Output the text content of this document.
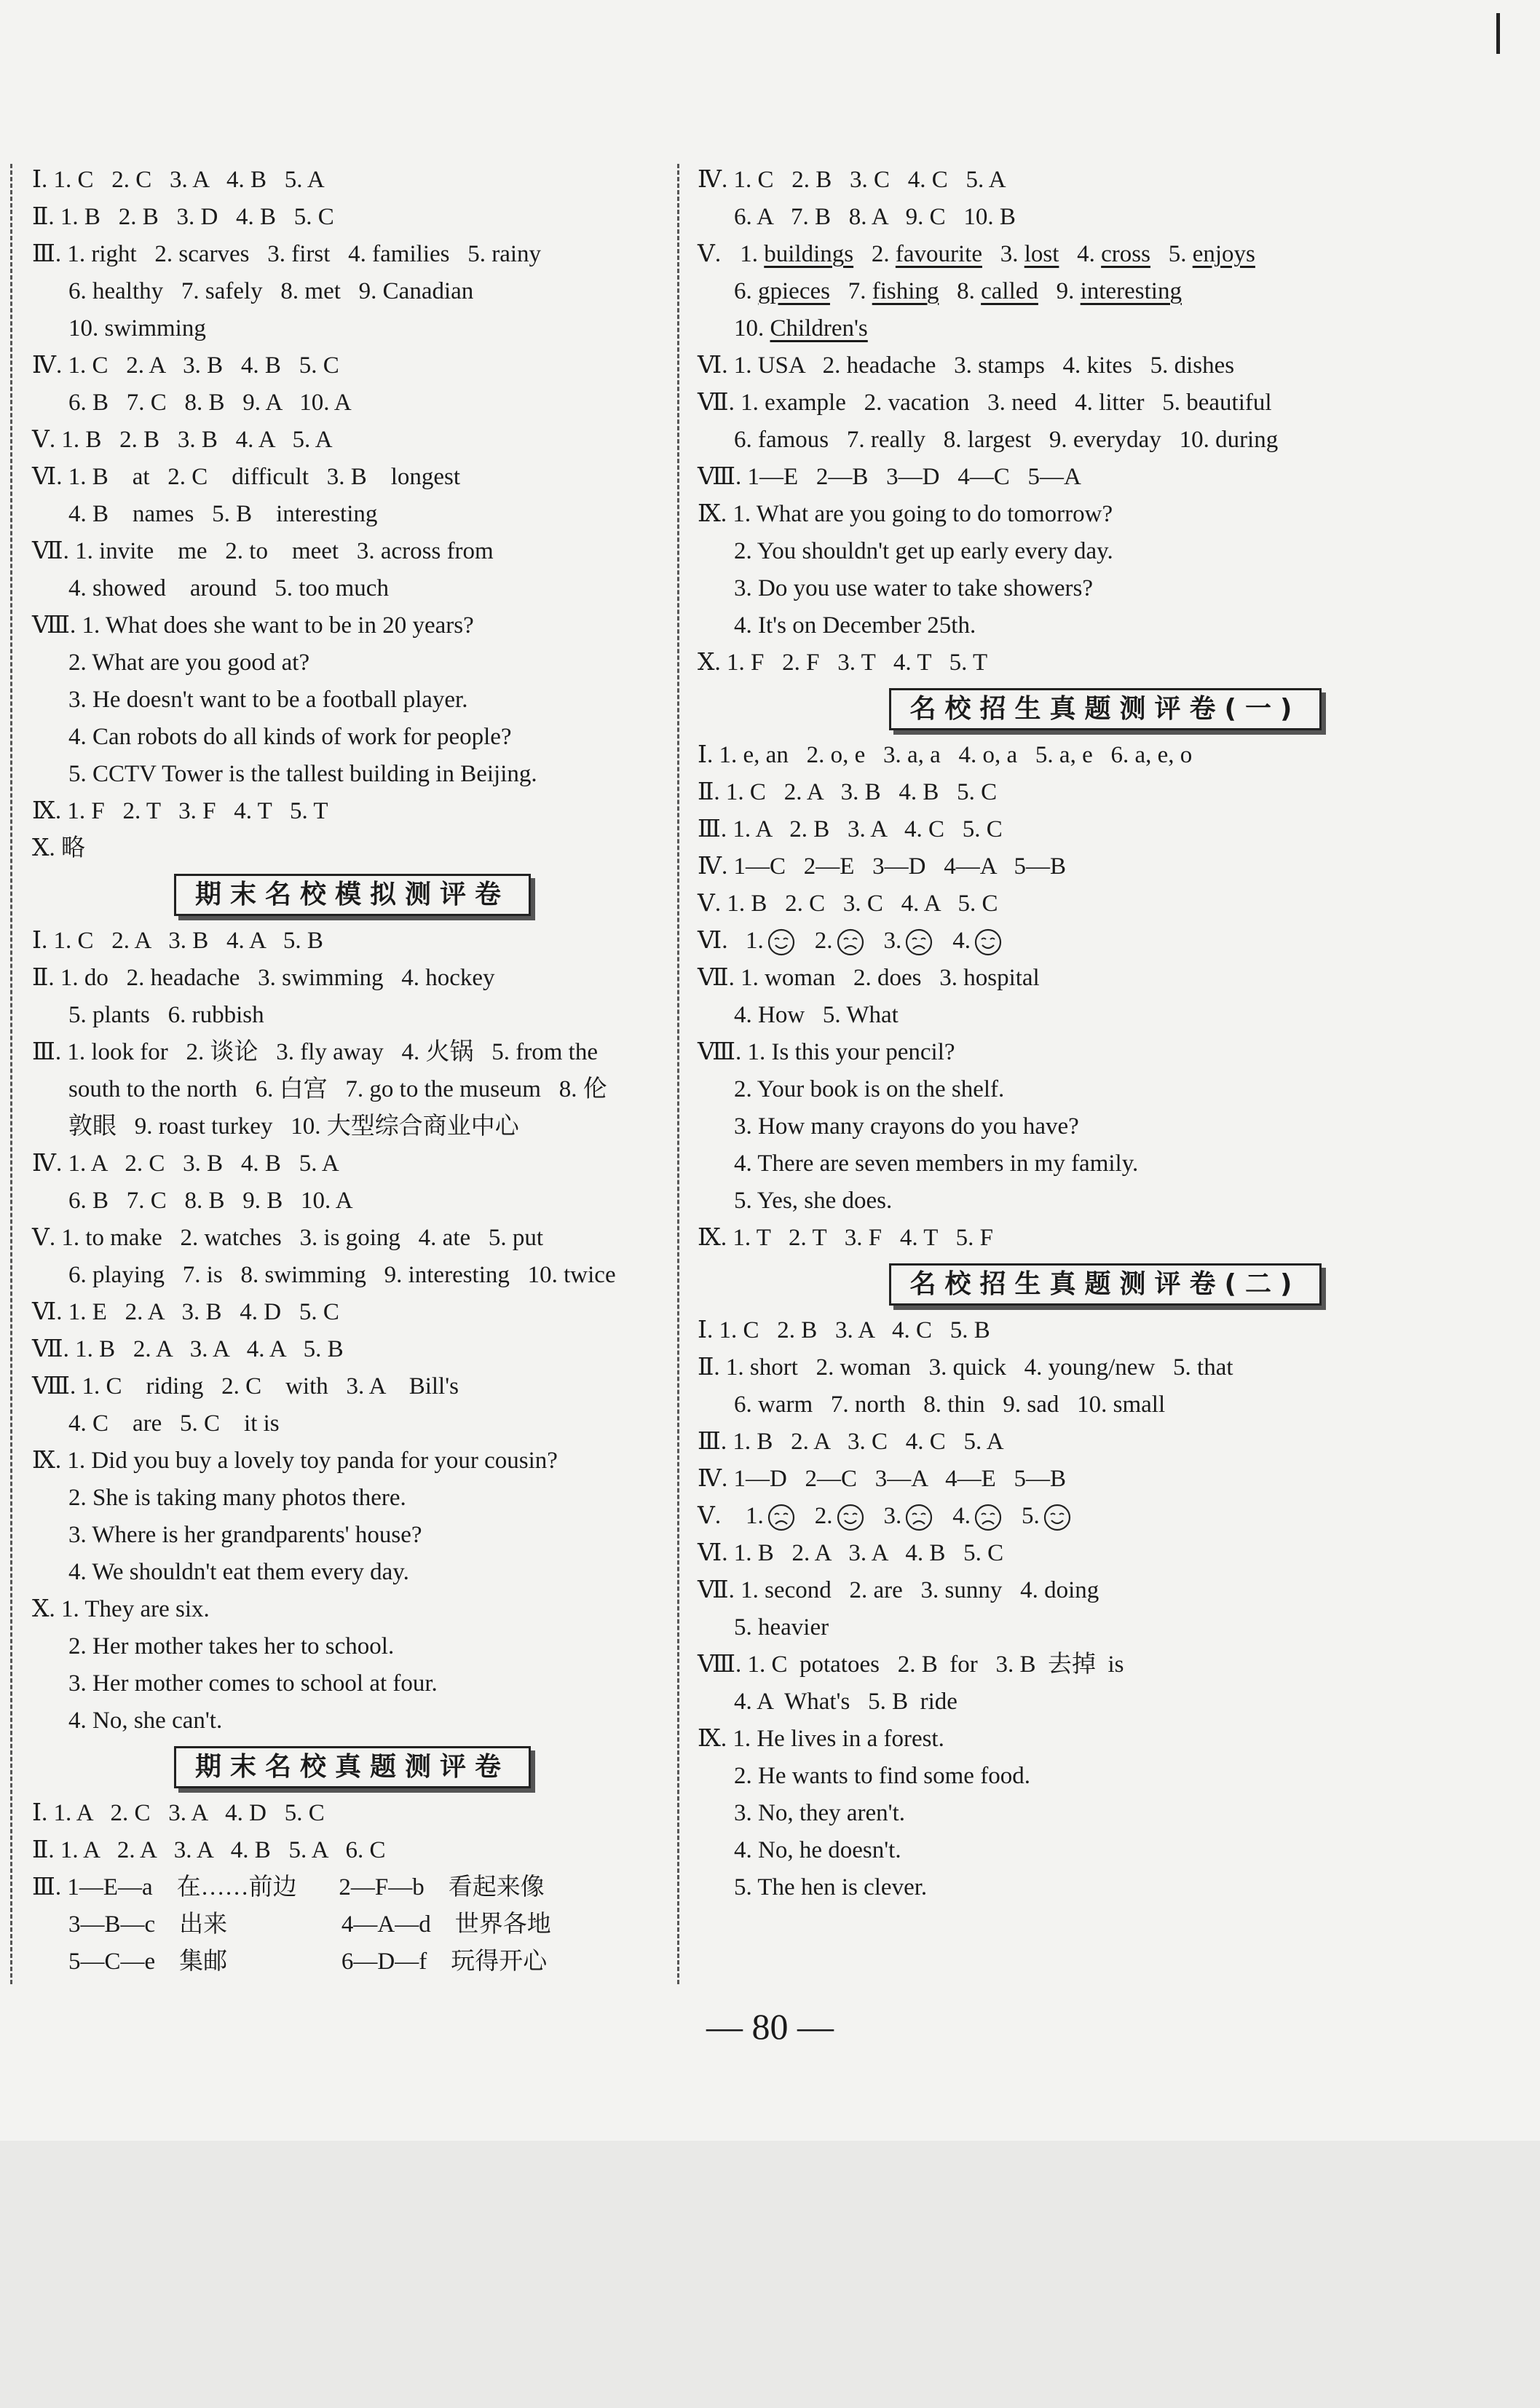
Ⅰ. 1. C   2. C   3. A   4. B   5. A
Ⅱ. 1. B   2. B   3. D   4. B   5. C
Ⅲ. 1. right   2. scarves   3. first   4. families   5. rainy
6. healthy   7. safely   8. met   9. Canadian
10. swimming
Ⅳ. 1. C   2. A   3. B   4. B   5. C
6. B   7. C   8. B   9. A   10. A
Ⅴ. 1. B   2. B   3. B   4. A   5. A
Ⅵ. 1. B    at   2. C    difficult   3. B    longest
4. B    names   5. B    interesting
Ⅶ. 1. invite    me   2. to    meet   3. across from
4. showed    around   5. too much
Ⅷ. 1. What does she want to be in 20 years?
2. What are you good at?
3. He doesn't want to be a football player.
4. Can robots do all kinds of work for people?
5. CCTV Tower is the tallest building in Beijing.
Ⅸ. 1. F   2. T   3. F   4. T   5. T
Ⅹ. 略
期末名校模拟测评卷
Ⅰ. 1. C   2. A   3. B   4. A   5. B
Ⅱ. 1. do   2. headache   3. swimming   4. hockey
5. plants   6. rubbish
Ⅲ. 1. look for   2. 谈论   3. fly away   4. 火锅   5. from the
south to the north   6. 白宫   7. go to the museum   8. 伦
敦眼   9. roast turkey   10. 大型综合商业中心
Ⅳ. 1. A   2. C   3. B   4. B   5. A
6. B   7. C   8. B   9. B   10. A
Ⅴ. 1. to make   2. watches   3. is going   4. ate   5. put
6. playing   7. is   8. swimming   9. interesting   10. twice
Ⅵ. 1. E   2. A   3. B   4. D   5. C
Ⅶ. 1. B   2. A   3. A   4. A   5. B
Ⅷ. 1. C    riding   2. C    with   3. A    Bill's
4. C    are   5. C    it is
Ⅸ. 1. Did you buy a lovely toy panda for your cousin?
2. She is taking many photos there.
3. Where is her grandparents' house?
4. We shouldn't eat them every day.
Ⅹ. 1. They are six.
2. Her mother takes her to school.
3. Her mother comes to school at four.
4. No, she can't.
期末名校真题测评卷
Ⅰ. 1. A   2. C   3. A   4. D   5. C
Ⅱ. 1. A   2. A   3. A   4. B   5. A   6. C
Ⅲ. 1—E—a    在……前边       2—F—b    看起来像
3—B—c    出来                   4—A—d    世界各地
5—C—e    集邮                   6—D—f    玩得开心
Ⅳ. 1. C   2. B   3. C   4. C   5. A
6. A   7. B   8. A   9. C   10. B
Ⅴ. 1. buildings 2. favourite 3. lost 4. cross 5. enjoys
6. gpieces 7. fishing 8. called 9. interesting
10. Children's
Ⅵ. 1. USA   2. headache   3. stamps   4. kites   5. dishes
Ⅶ. 1. example   2. vacation   3. need   4. litter   5. beautiful
6. famous   7. really   8. largest   9. everyday   10. during
Ⅷ. 1—E   2—B   3—D   4—C   5—A
Ⅸ. 1. What are you going to do tomorrow?
2. You shouldn't get up early every day.
3. Do you use water to take showers?
4. It's on December 25th.
Ⅹ. 1. F   2. F   3. T   4. T   5. T
名校招生真题测评卷(一)
Ⅰ. 1. e, an   2. o, e   3. a, a   4. o, a   5. a, e   6. a, e, o
Ⅱ. 1. C   2. A   3. B   4. B   5. C
Ⅲ. 1. A   2. B   3. A   4. C   5. C
Ⅳ. 1—C   2—E   3—D   4—A   5—B
Ⅴ. 1. B   2. C   3. C   4. A   5. C
Ⅵ. 1. 2. 3. 4.
Ⅶ. 1. woman   2. does   3. hospital
4. How   5. What
Ⅷ. 1. Is this your pencil?
2. Your book is on the shelf.
3. How many crayons do you have?
4. There are seven members in my family.
5. Yes, she does.
Ⅸ. 1. T   2. T   3. F   4. T   5. F
名校招生真题测评卷(二)
Ⅰ. 1. C   2. B   3. A   4. C   5. B
Ⅱ. 1. short   2. woman   3. quick   4. young/new   5. that
6. warm   7. north   8. thin   9. sad   10. small
Ⅲ. 1. B   2. A   3. C   4. C   5. A
Ⅳ. 1—D   2—C   3—A   4—E   5—B
Ⅴ. 1. 2. 3. 4. 5.
Ⅵ. 1. B   2. A   3. A   4. B   5. C
Ⅶ. 1. second   2. are   3. sunny   4. doing
5. heavier
Ⅷ. 1. C  potatoes   2. B  for   3. B  去掉  is
4. A  What's   5. B  ride
Ⅸ. 1. He lives in a forest.
2. He wants to find some food.
3. No, they aren't.
4. No, he doesn't.
5. The hen is clever.
— 80 —
